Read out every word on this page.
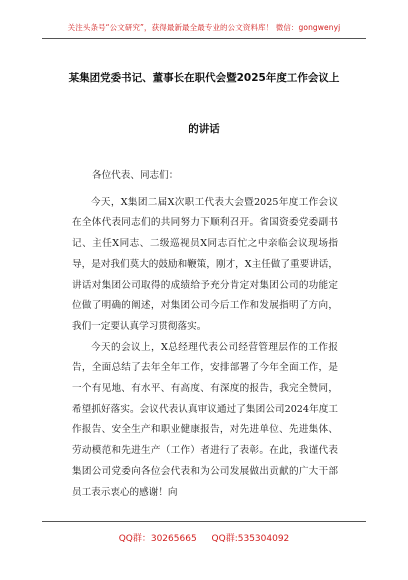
关注头条号“公文研究”，获得最新最全最专业的公文资料库！ 微信：gongwenyj
某集团党委书记、董事长在职代会暨2025年度工作会议上
的讲话

各位代表、同志们：

今天，X集团二届X次职工代表大会暨2025年度工作会议在全体代表同志们的共同努力下顺利召开。省国资委党委副书记、主任X同志、二级巡视员X同志百忙之中亲临会议现场指导，是对我们莫大的鼓励和鞭策，刚才，X主任做了重要讲话，讲话对集团公司取得的成绩给予充分肯定对集团公司的功能定位做了明确的阐述，对集团公司今后工作和发展指明了方向，我们一定要认真学习贯彻落实。

今天的会议上，X总经理代表公司经营管理层作的工作报告，全面总结了去年全年工作，安排部署了今年全面工作，是一个有见地、有水平、有高度、有深度的报告，我完全赞同，希望抓好落实。会议代表认真审议通过了集团公司2024年度工作报告、安全生产和职业健康报告，对先进单位、先进集体、劳动模范和先进生产（工作）者进行了表彰。在此，我谨代表集团公司党委向各位会代表和为公司发展做出贡献的广大干部员工表示衷心的感谢！向

QQ群：30265665 QQ群:535304092
